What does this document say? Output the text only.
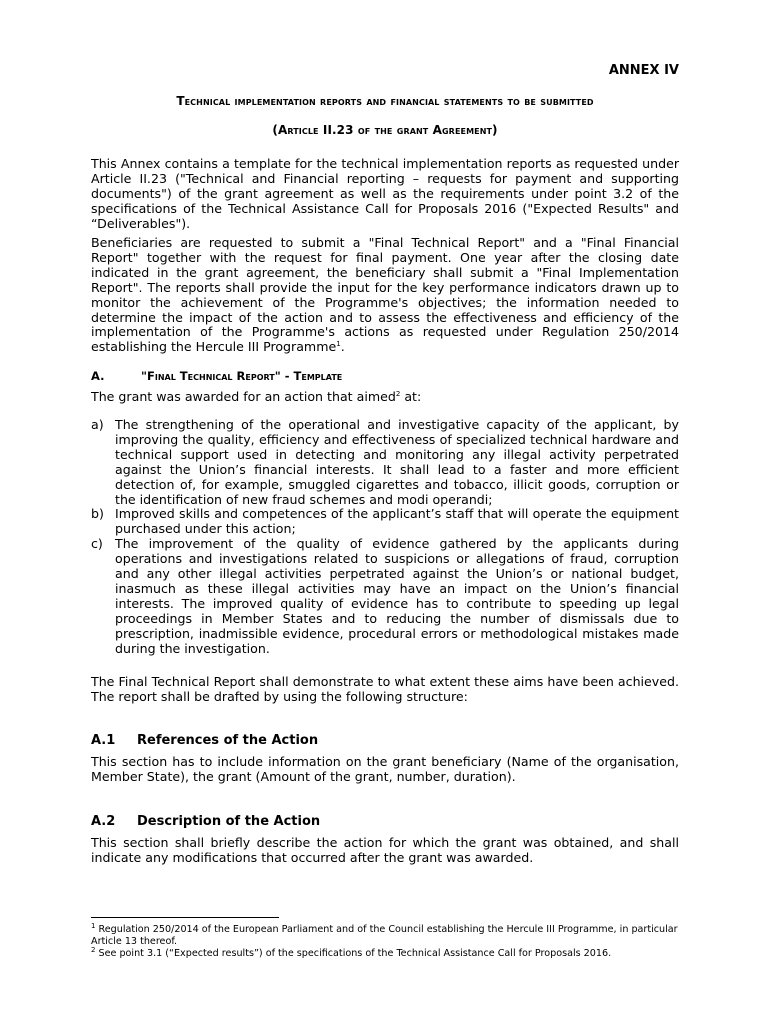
ANNEX IV
Technical implementation reports and financial statements to be submitted
(Article II.23 of the grant Agreement)
This Annex contains a template for the technical implementation reports as requested under Article II.23 ("Technical and Financial reporting – requests for payment and supporting documents") of the grant agreement as well as the requirements under point 3.2 of the specifications of the Technical Assistance Call for Proposals 2016 ("Expected Results" and “Deliverables").
Beneficiaries are requested to submit a "Final Technical Report" and a "Final Financial Report" together with the request for final payment. One year after the closing date indicated in the grant agreement, the beneficiary shall submit a "Final Implementation Report". The reports shall provide the input for the key performance indicators drawn up to monitor the achievement of the Programme's objectives; the information needed to determine the impact of the action and to assess the effectiveness and efficiency of the implementation of the Programme's actions as requested under Regulation 250/2014 establishing the Hercule III Programme$^1$.
A.	"Final Technical Report" - Template
The grant was awarded for an action that aimed$^2$ at:
a) The strengthening of the operational and investigative capacity of the applicant, by improving the quality, efficiency and effectiveness of specialized technical hardware and technical support used in detecting and monitoring any illegal activity perpetrated against the Union’s financial interests. It shall lead to a faster and more efficient detection of, for example, smuggled cigarettes and tobacco, illicit goods, corruption or the identification of new fraud schemes and modi operandi;
b) Improved skills and competences of the applicant’s staff that will operate the equipment purchased under this action;
c) The improvement of the quality of evidence gathered by the applicants during operations and investigations related to suspicions or allegations of fraud, corruption and any other illegal activities perpetrated against the Union’s or national budget, inasmuch as these illegal activities may have an impact on the Union’s financial interests. The improved quality of evidence has to contribute to speeding up legal proceedings in Member States and to reducing the number of dismissals due to prescription, inadmissible evidence, procedural errors or methodological mistakes made during the investigation.
The Final Technical Report shall demonstrate to what extent these aims have been achieved. The report shall be drafted by using the following structure:
A.1 References of the Action
This section has to include information on the grant beneficiary (Name of the organisation, Member State), the grant (Amount of the grant, number, duration).
A.2 Description of the Action
This section shall briefly describe the action for which the grant was obtained, and shall indicate any modifications that occurred after the grant was awarded.
$^1$ Regulation 250/2014 of the European Parliament and of the Council establishing the Hercule III Programme, in particular Article 13 thereof.
$^2$ See point 3.1 (“Expected results”) of the specifications of the Technical Assistance Call for Proposals 2016.
